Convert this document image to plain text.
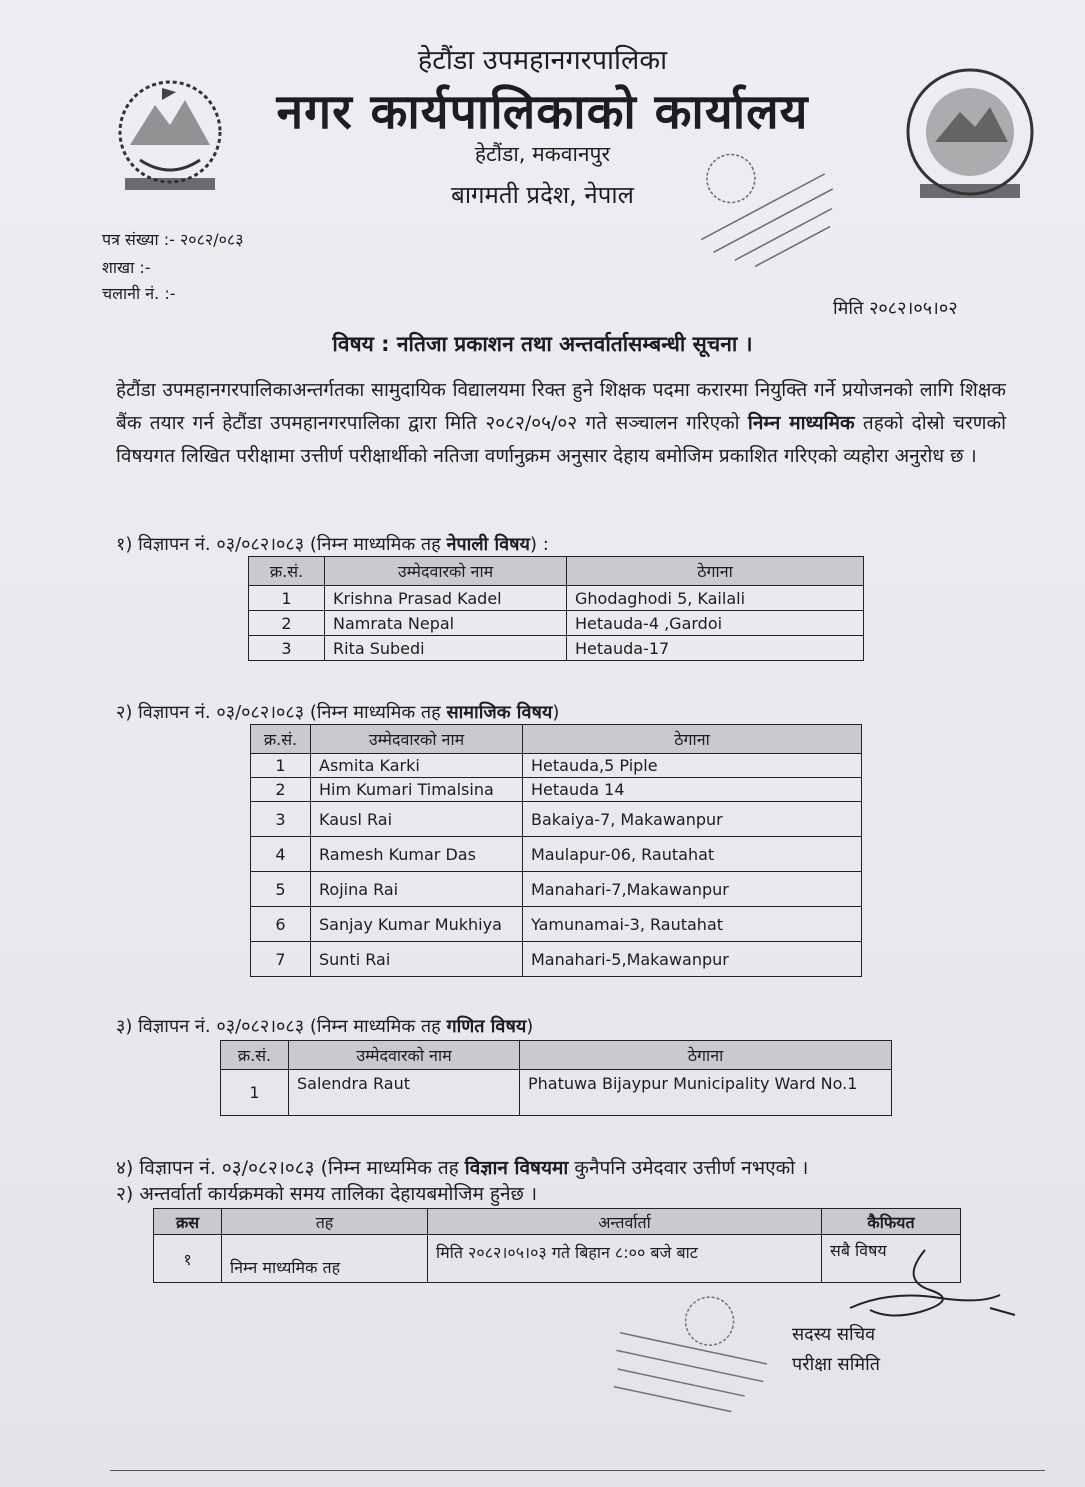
हेटौंडा उपमहानगरपालिका
नगर कार्यपालिकाको कार्यालय
हेटौंडा, मकवानपुर
बागमती प्रदेश, नेपाल
पत्र संख्या :- २०८२/०८३
शाखा :-
चलानी नं. :-
मिति २०८२।०५।०२
विषय : नतिजा प्रकाशन तथा अन्तर्वार्तासम्बन्धी सूचना ।
हेटौंडा उपमहानगरपालिकाअन्तर्गतका सामुदायिक विद्यालयमा रिक्त हुने शिक्षक पदमा करारमा नियुक्ति गर्ने प्रयोजनको लागि शिक्षक बैंक तयार गर्न हेटौंडा उपमहानगरपालिका द्वारा मिति २०८२/०५/०२ गते सञ्चालन गरिएको निम्न माध्यमिक तहको दोस्रो चरणको विषयगत लिखित परीक्षामा उत्तीर्ण परीक्षार्थीको नतिजा वर्णानुक्रम अनुसार देहाय बमोजिम प्रकाशित गरिएको व्यहोरा अनुरोध छ ।
१) विज्ञापन नं. ०३/०८२।०८३ (निम्न माध्यमिक तह नेपाली विषय) :
क्र.सं.	उम्मेदवारको नाम	ठेगाना
1	Krishna Prasad Kadel	Ghodaghodi 5, Kailali
2	Namrata Nepal	Hetauda-4 ,Gardoi
3	Rita Subedi	Hetauda-17
२) विज्ञापन नं. ०३/०८२।०८३ (निम्न माध्यमिक तह सामाजिक विषय)
क्र.सं.	उम्मेदवारको नाम	ठेगाना
1	Asmita Karki	Hetauda,5 Piple
2	Him Kumari Timalsina	Hetauda 14
3	Kausl Rai	Bakaiya-7, Makawanpur
4	Ramesh Kumar Das	Maulapur-06, Rautahat
5	Rojina Rai	Manahari-7,Makawanpur
6	Sanjay Kumar Mukhiya	Yamunamai-3, Rautahat
7	Sunti Rai	Manahari-5,Makawanpur
३) विज्ञापन नं. ०३/०८२।०८३ (निम्न माध्यमिक तह गणित विषय)
क्र.सं.	उम्मेदवारको नाम	ठेगाना
1	Salendra Raut	Phatuwa Bijaypur Municipality Ward No.1
४) विज्ञापन नं. ०३/०८२।०८३ (निम्न माध्यमिक तह विज्ञान विषयमा कुनैपनि उमेदवार उत्तीर्ण नभएको ।
२) अन्तर्वार्ता कार्यक्रमको समय तालिका देहायबमोजिम हुनेछ ।
क्रस	तह	अन्तर्वार्ता	कैफियत
१	निम्न माध्यमिक तह	मिति २०८२।०५।०३ गते बिहान ८:०० बजे बाट	सबै विषय
सदस्य सचिव
परीक्षा समिति
